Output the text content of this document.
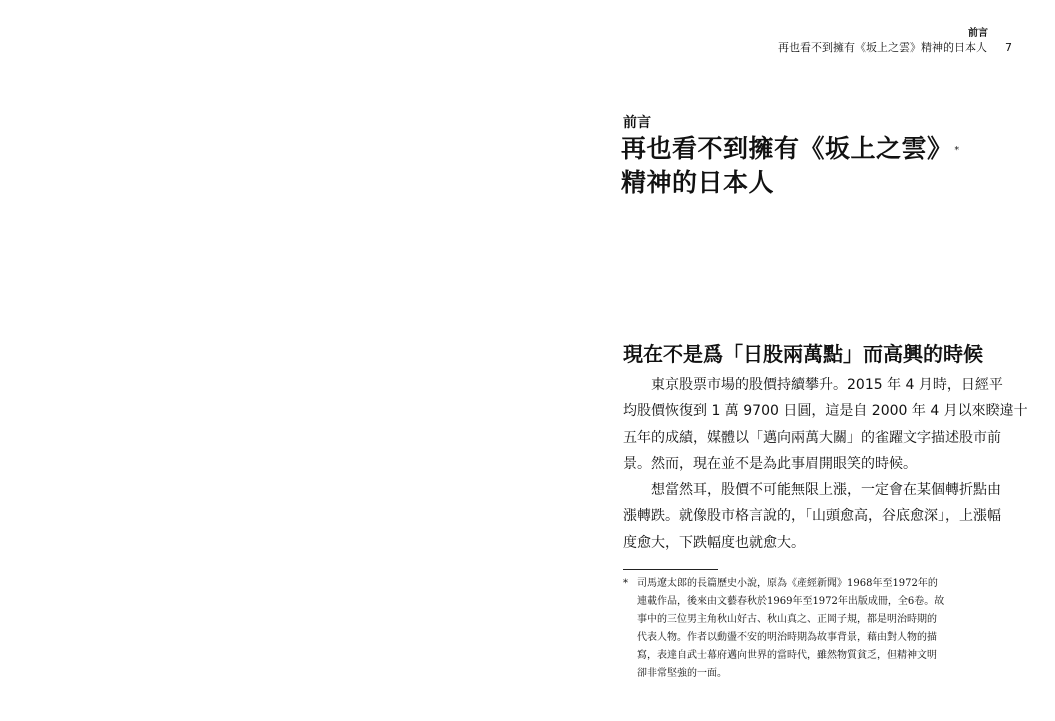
前言
再也看不到擁有《坂上之雲》精神的日本人 7
前言
再也看不到擁有《坂上之雲》 *
精神的日本人
現在不是爲「日股兩萬點」而高興的時候

東京股票市場的股價持續攀升。2015 年 4 月時，日經平
均股價恢復到 1 萬 9700 日圓，這是自 2000 年 4 月以來睽違十
五年的成績，媒體以「邁向兩萬大關」的雀躍文字描述股市前
景。然而，現在並不是為此事眉開眼笑的時候。

想當然耳，股價不可能無限上漲，一定會在某個轉折點由
漲轉跌。就像股市格言說的，「山頭愈高，谷底愈深」，上漲幅
度愈大，下跌幅度也就愈大。

* 司馬遼太郎的長篇歷史小說，原為《產經新聞》1968年至1972年的
連載作品，後來由文藝春秋於1969年至1972年出版成冊，全6卷。故
事中的三位男主角秋山好古、秋山真之、正岡子規，都是明治時期的
代表人物。作者以動盪不安的明治時期為故事背景，藉由對人物的描
寫，表達自武士幕府邁向世界的當時代，雖然物質貧乏，但精神文明
卻非常堅強的一面。
